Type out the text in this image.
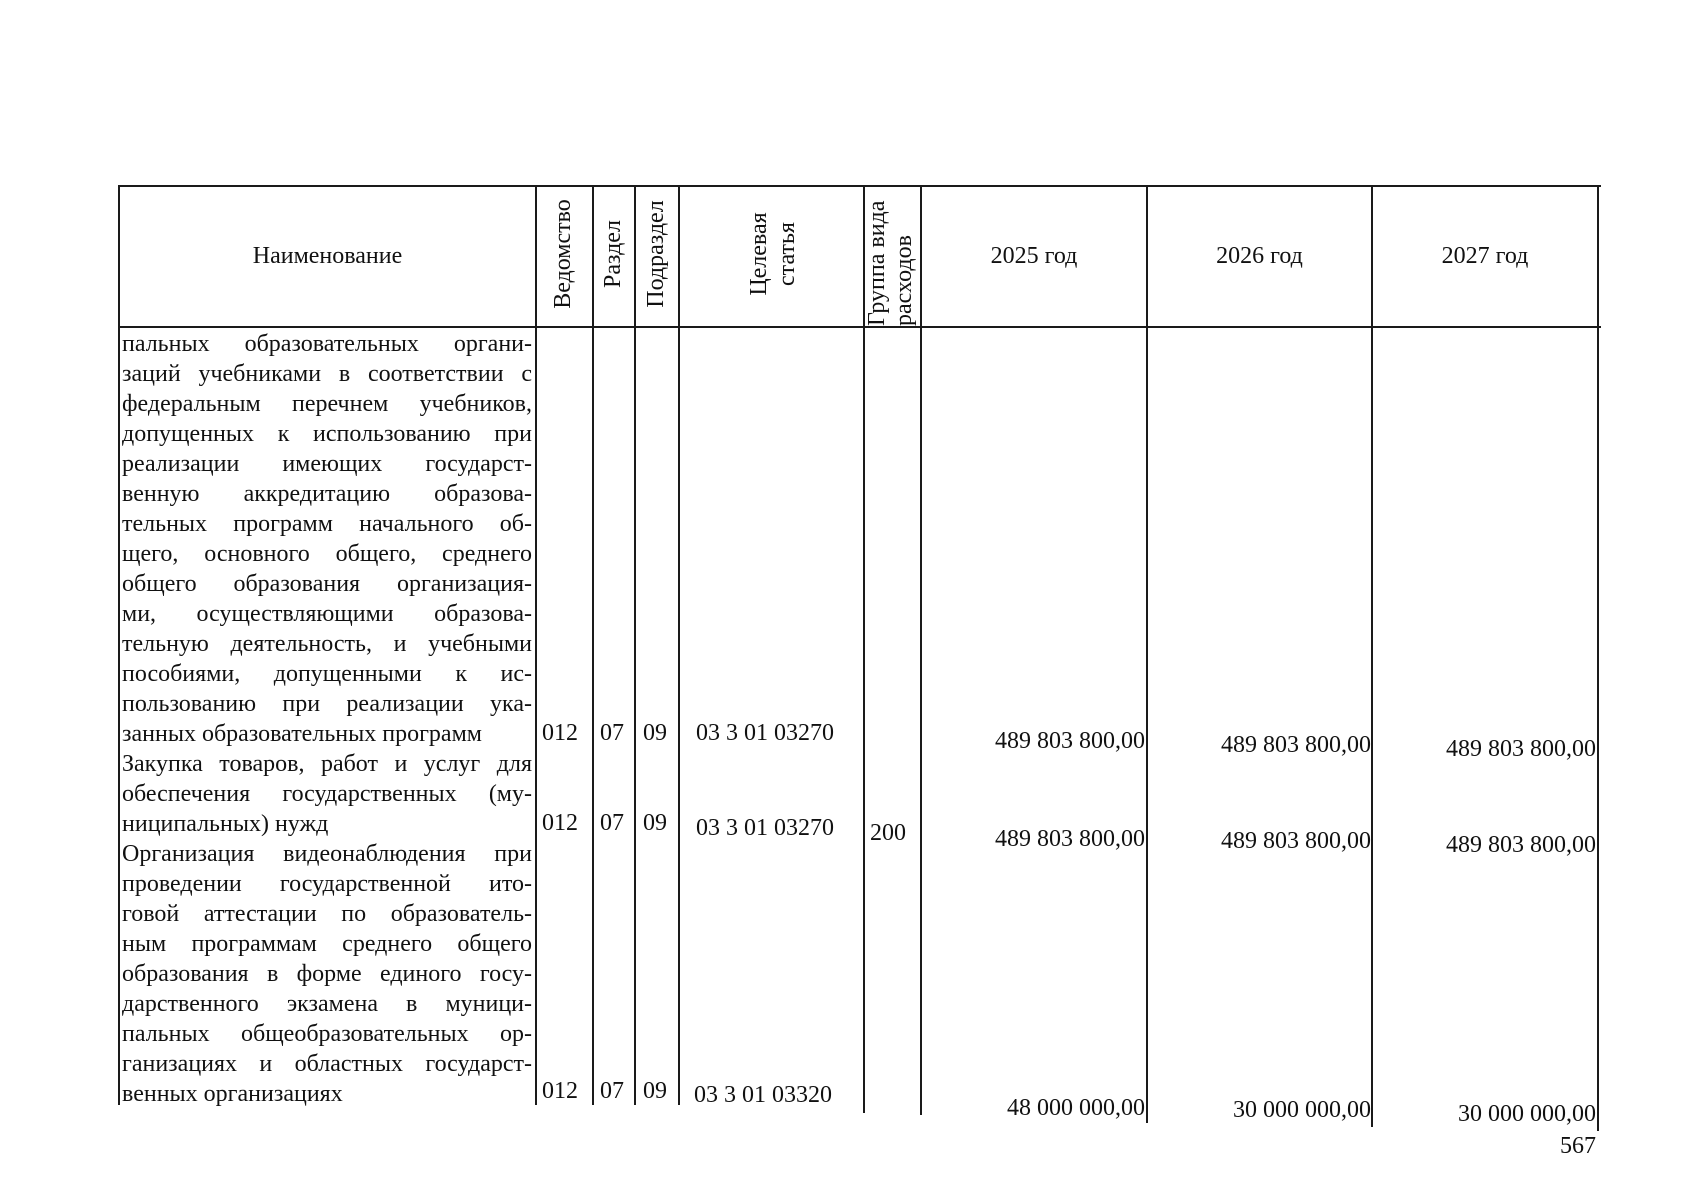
Наименование	Ведомство Раздел Подраздел	Целевая статья	Группа вида расходов	2025 год	2026 год	2027 год
пальных образовательных органи-
заций учебниками в соответствии с
федеральным перечнем учебников,
допущенных к использованию при
реализации имеющих государст-
венную аккредитацию образова-
тельных программ начального об-
щего, основного общего, среднего
общего образования организация-
ми, осуществляющими образова-
тельную деятельность, и учебными
пособиями, допущенными к ис-
пользованию при реализации ука-
занных образовательных программ	012 07 09 03 3 01 03270	489 803 800,00	489 803 800,00	489 803 800,00
Закупка товаров, работ и услуг для
обеспечения государственных (му-
ниципальных) нужд	012 07 09 03 3 01 03270 200	489 803 800,00	489 803 800,00	489 803 800,00
Организация видеонаблюдения при
проведении государственной ито-
говой аттестации по образователь-
ным программам среднего общего
образования в форме единого госу-
дарственного экзамена в муници-
пальных общеобразовательных ор-
ганизациях и областных государст-
венных организациях	012 07 09 03 3 01 03320	48 000 000,00	30 000 000,00	30 000 000,00
567
